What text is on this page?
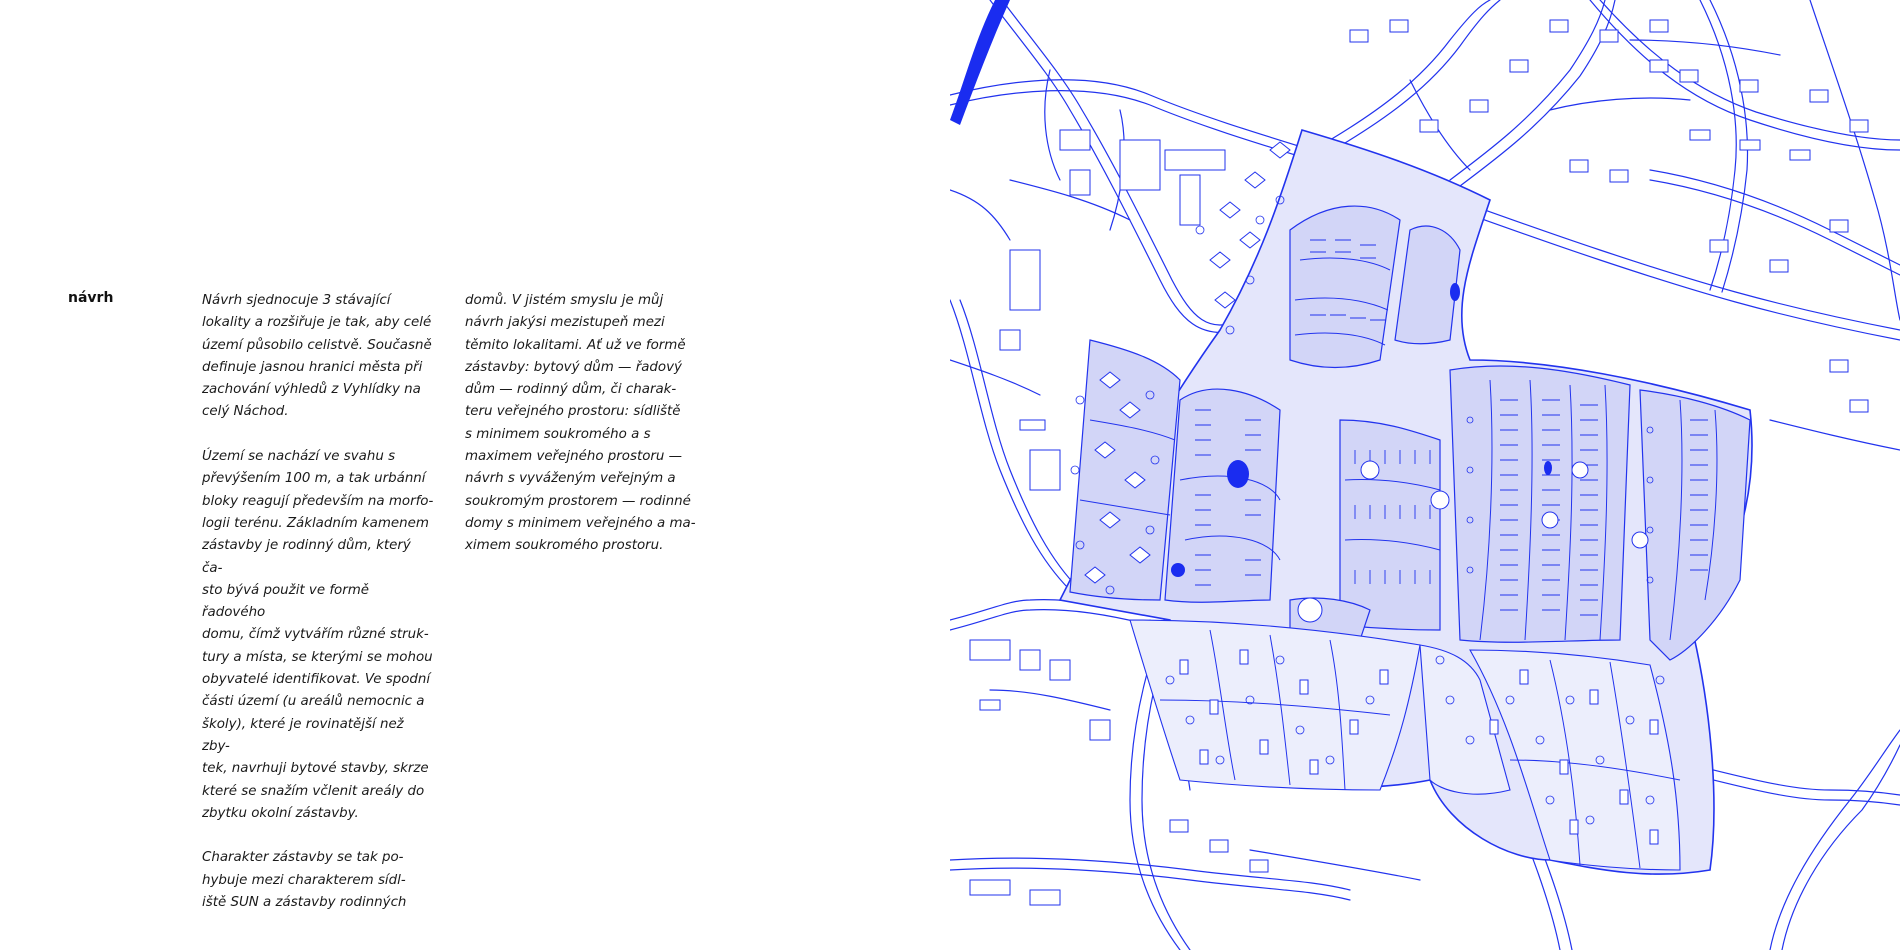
návrh	Návrh sjednocuje 3 stávající
lokality a rozšiřuje je tak, aby celé
území působilo celistvě. Současně
definuje jasnou hranici města při
zachování výhledů z Vyhlídky na
celý Náchod.

Území se nachází ve svahu s
převýšením 100 m, a tak urbánní
bloky reagují především na morfo-
logii terénu. Základním kamenem
zástavby je rodinný dům, který ča-
sto bývá použit ve formě řadového
domu, čímž vytvářím různé struk-
tury a místa, se kterými se mohou
obyvatelé identifikovat. Ve spodní
části území (u areálů nemocnic a
školy), které je rovinatější než zby-
tek, navrhuji bytové stavby, skrze
které se snažím včlenit areály do
zbytku okolní zástavby.

Charakter zástavby se tak po-
hybuje mezi charakterem sídl-
iště SUN a zástavby rodinných

domů. V jistém smyslu je můj
návrh jakýsi mezistupeň mezi
těmito lokalitami. Ať už ve formě
zástavby: bytový dům — řadový
dům — rodinný dům, či charak-
teru veřejného prostoru: sídliště
s minimem soukromého a s
maximem veřejného prostoru —
návrh s vyváženým veřejným a
soukromým prostorem — rodinné
domy s minimem veřejného a ma-
ximem soukromého prostoru.
